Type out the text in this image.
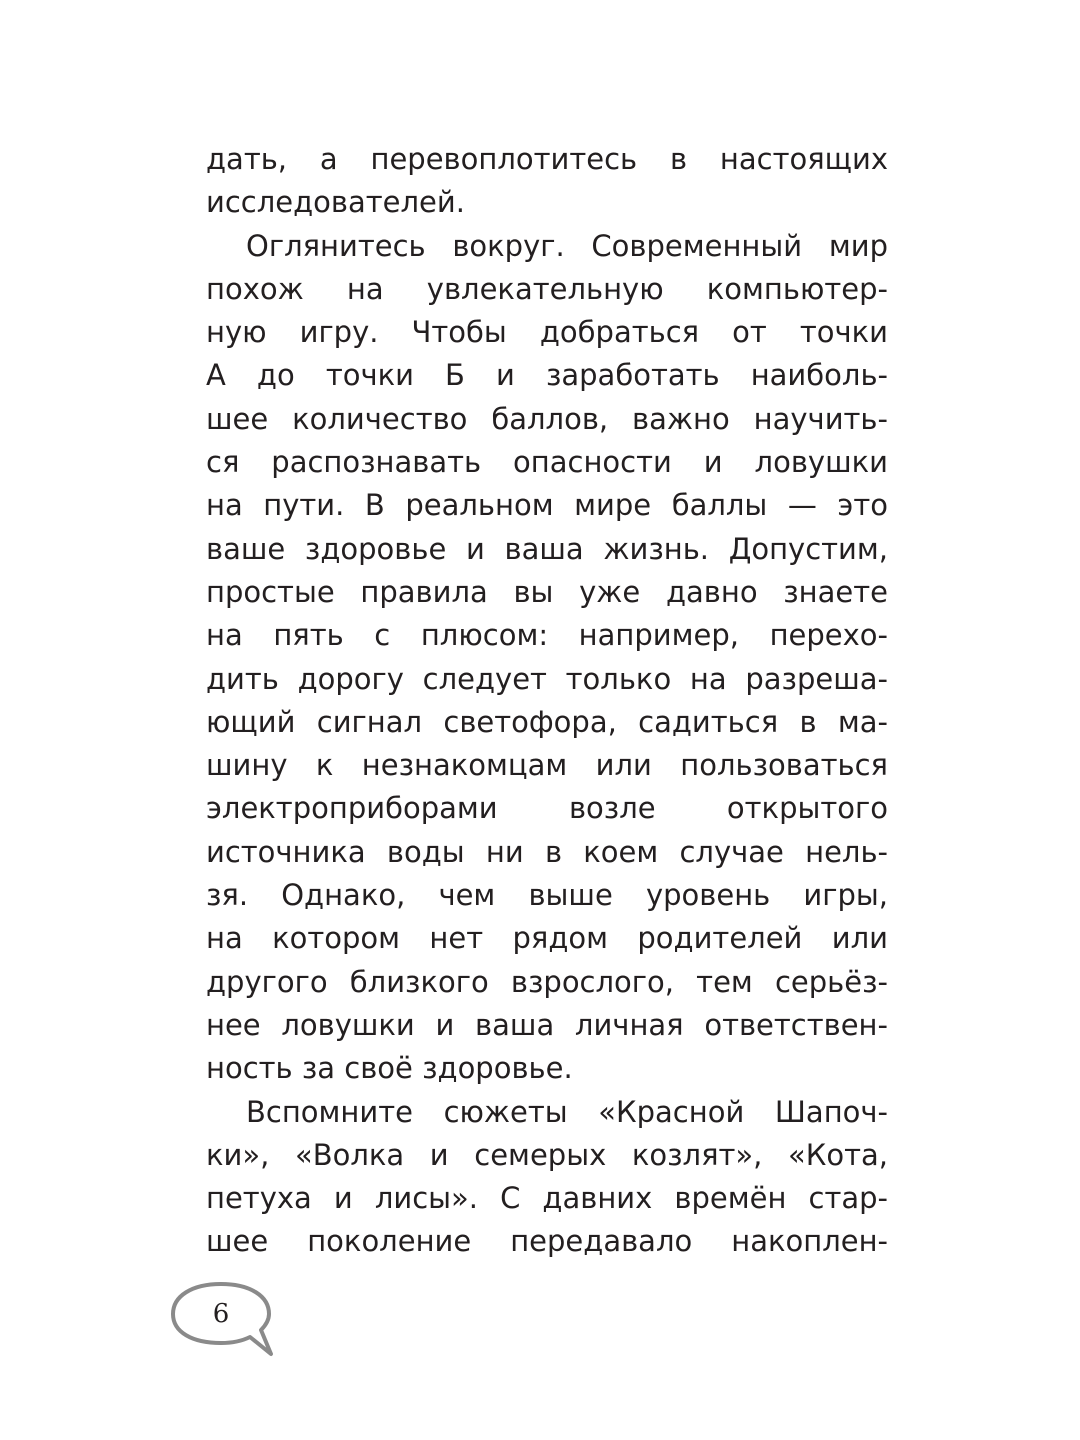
дать, а перевоплотитесь в настоящих
исследователей.
Оглянитесь вокруг. Современный мир
похож на увлекательную компьютер-
ную игру. Чтобы добраться от точки
А до точки Б и заработать наиболь-
шее количество баллов, важно научить-
ся распознавать опасности и ловушки
на пути. В реальном мире баллы — это
ваше здоровье и ваша жизнь. Допустим,
простые правила вы уже давно знаете
на пять с плюсом: например, перехо-
дить дорогу следует только на разреша-
ющий сигнал светофора, садиться в ма-
шину к незнакомцам или пользоваться
электроприборами возле открытого
источника воды ни в коем случае нель-
зя. Однако, чем выше уровень игры,
на котором нет рядом родителей или
другого близкого взрослого, тем серьёз-
нее ловушки и ваша личная ответствен-
ность за своё здоровье.
Вспомните сюжеты «Красной Шапоч-
ки», «Волка и семерых козлят», «Кота,
петуха и лисы». С давних времён стар-
шее поколение передавало накоплен-
6
